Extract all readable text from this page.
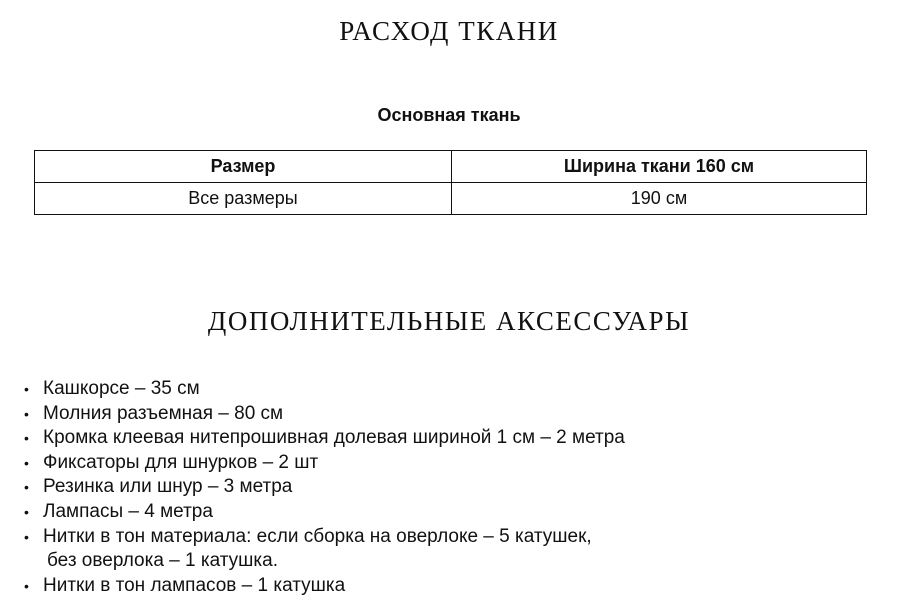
РАСХОД ТКАНИ
Основная ткань
Размер	Ширина ткани 160 см
Все размеры	190 см
ДОПОЛНИТЕЛЬНЫЕ АКСЕССУАРЫ
• Кашкорсе – 35 см
• Молния разъемная – 80 см
• Кромка клеевая нитепрошивная долевая шириной 1 см – 2 метра
• Фиксаторы для шнурков – 2 шт
• Резинка или шнур – 3 метра
• Лампасы – 4 метра
• Нитки в тон материала: если сборка на оверлоке – 5 катушек,
без оверлока – 1 катушка.
• Нитки в тон лампасов – 1 катушка
